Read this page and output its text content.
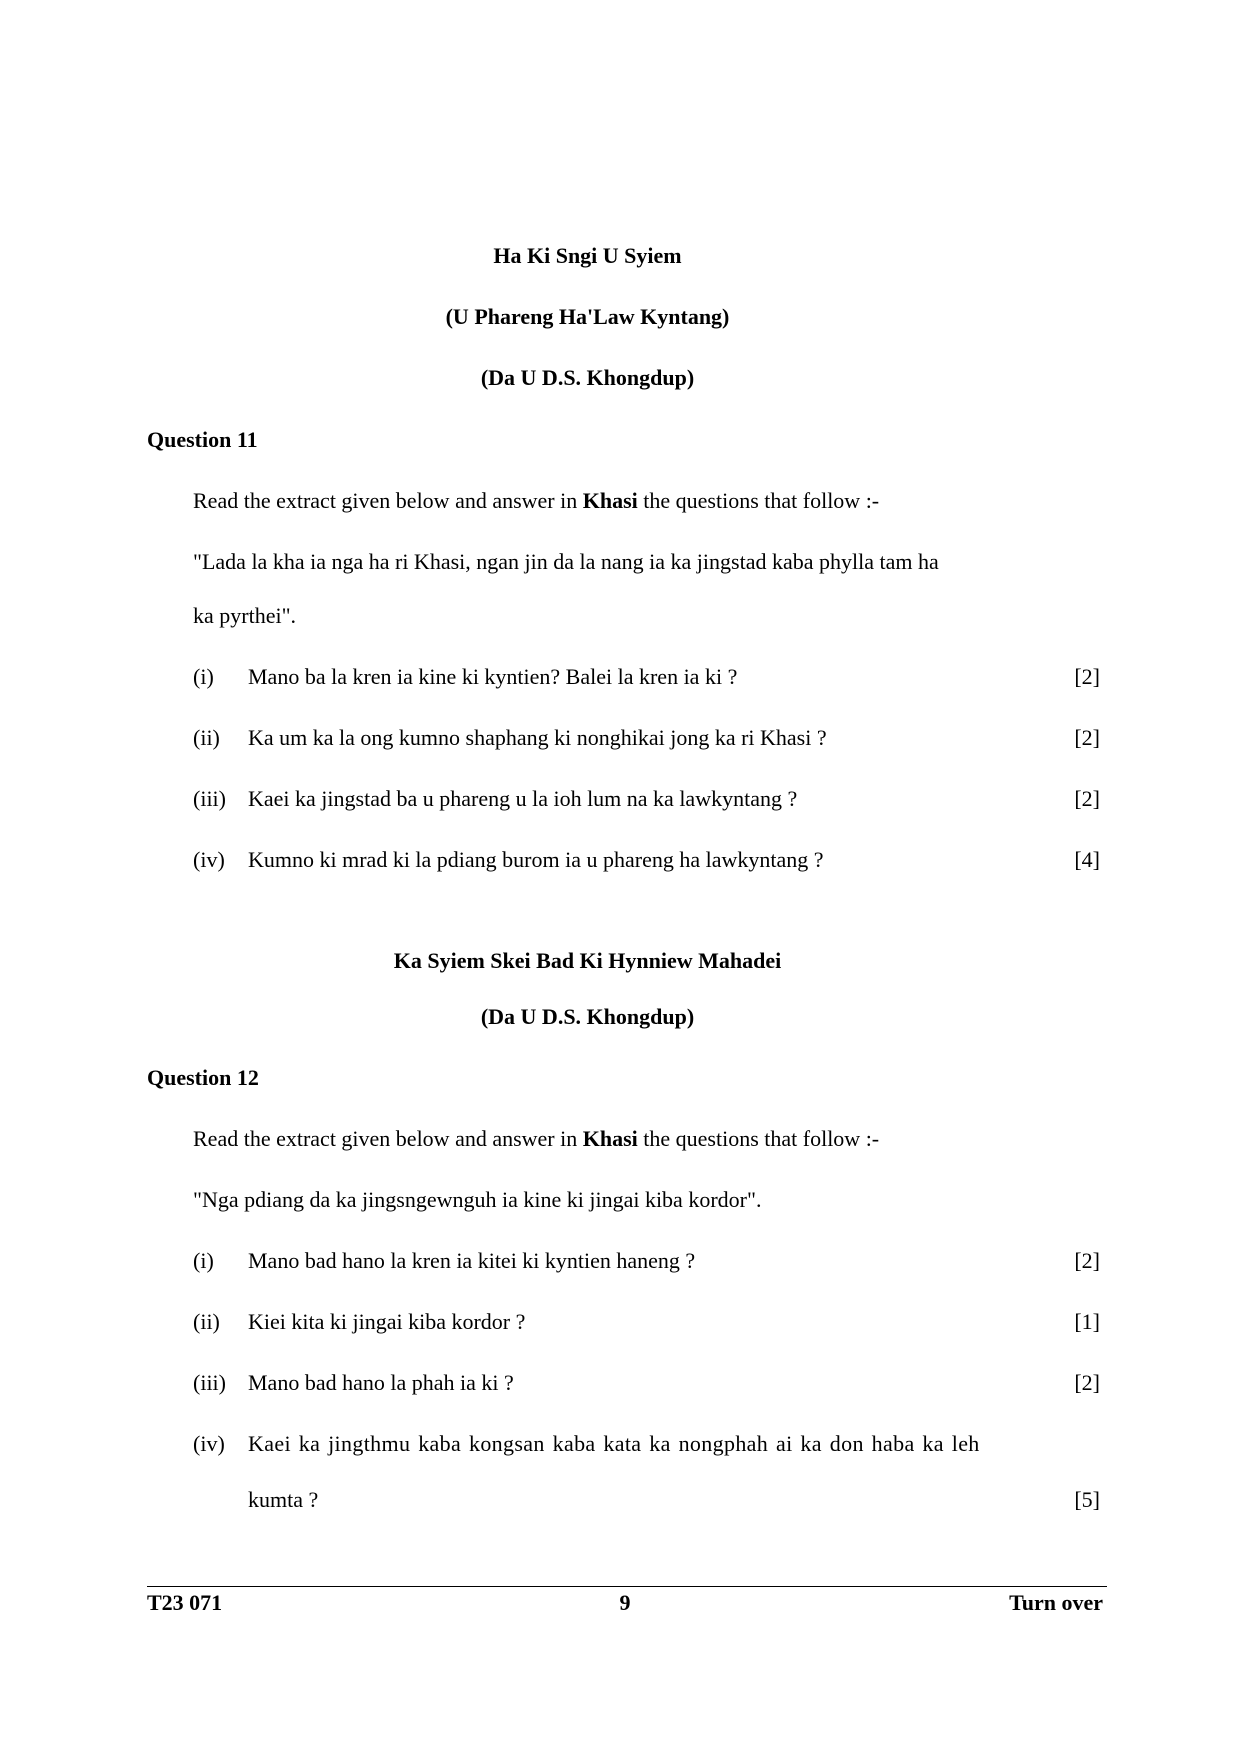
Ha Ki Sngi U Syiem
(U Phareng Ha'Law Kyntang)
(Da U D.S. Khongdup)
Question 11
Read the extract given below and answer in Khasi the questions that follow :-
"Lada la kha ia nga ha ri Khasi, ngan jin da la nang ia ka jingstad kaba phylla tam ha
ka pyrthei".
(i) Mano ba la kren ia kine ki kyntien? Balei la kren ia ki ?	[2]
(ii) Ka um ka la ong kumno shaphang ki nonghikai jong ka ri Khasi ?	[2]
(iii) Kaei ka jingstad ba u phareng u la ioh lum na ka lawkyntang ?	[2]
(iv) Kumno ki mrad ki la pdiang burom ia u phareng ha lawkyntang ?	[4]
Ka Syiem Skei Bad Ki Hynniew Mahadei
(Da U D.S. Khongdup)
Question 12
Read the extract given below and answer in Khasi the questions that follow :-
"Nga pdiang da ka jingsngewnguh ia kine ki jingai kiba kordor".
(i) Mano bad hano la kren ia kitei ki kyntien haneng ?	[2]
(ii) Kiei kita ki jingai kiba kordor ?	[1]
(iii) Mano bad hano la phah ia ki ?	[2]
(iv) Kaei ka jingthmu kaba kongsan kaba kata ka nongphah ai ka don haba ka leh
kumta ?	[5]
T23 071	9	Turn over
